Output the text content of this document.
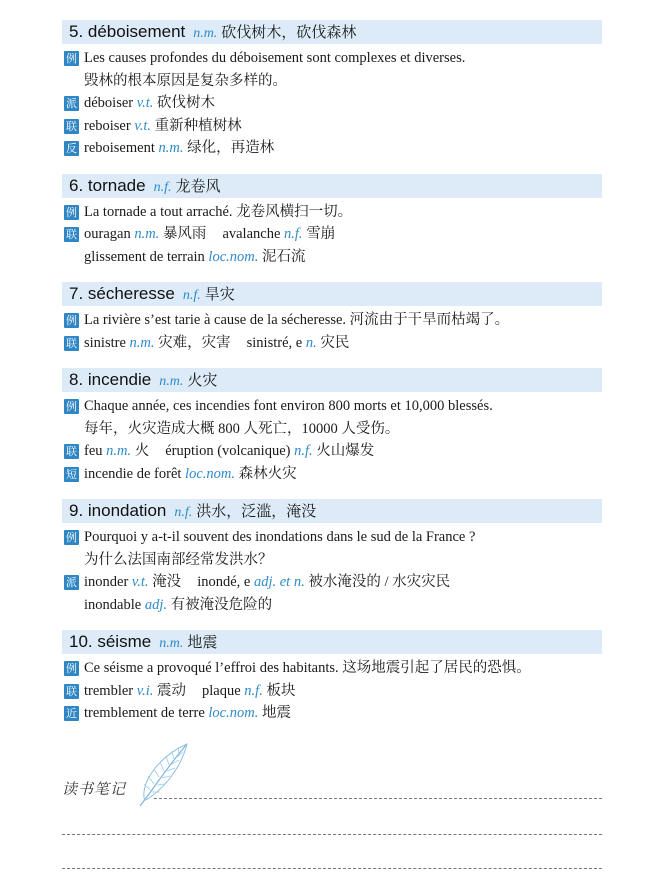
5. déboisement n.m. 砍伐树木，砍伐森林
例 Les causes profondes du déboisement sont complexes et diverses.
毁林的根本原因是复杂多样的。
派 déboiser v.t. 砍伐树木
联 reboiser v.t. 重新种植树林
反 reboisement n.m. 绿化，再造林
6. tornade n.f. 龙卷风
例 La tornade a tout arraché. 龙卷风横扫一切。
联 ouragan n.m. 暴风雨 avalanche n.f. 雪崩
glissement de terrain loc.nom. 泥石流
7. sécheresse n.f. 旱灾
例 La rivière s’est tarie à cause de la sécheresse. 河流由于干旱而枯竭了。
联 sinistre n.m. 灾难，灾害 sinistré, e n. 灾民
8. incendie n.m. 火灾
例 Chaque année, ces incendies font environ 800 morts et 10,000 blessés.
每年，火灾造成大概 800 人死亡，10000 人受伤。
联 feu n.m. 火 éruption (volcanique) n.f. 火山爆发
短 incendie de forêt loc.nom. 森林火灾
9. inondation n.f. 洪水，泛滥，淹没
例 Pourquoi y a-t-il souvent des inondations dans le sud de la France ?
为什么法国南部经常发洪水？
派 inonder v.t. 淹没 inondé, e adj. et n. 被水淹没的 / 水灾灾民
inondable adj. 有被淹没危险的
10. séisme n.m. 地震
例 Ce séisme a provoqué l’effroi des habitants. 这场地震引起了居民的恐惧。
联 trembler v.i. 震动 plaque n.f. 板块
近 tremblement de terre loc.nom. 地震
读书笔记
